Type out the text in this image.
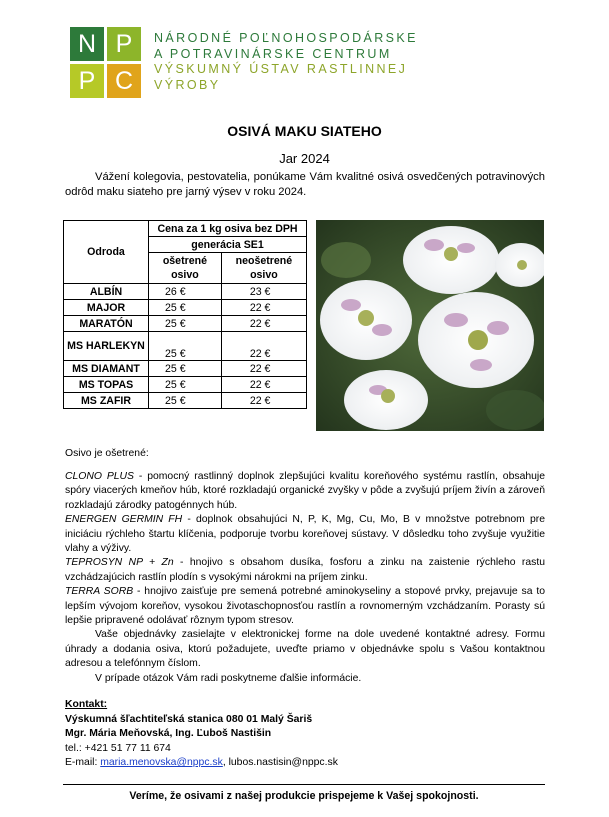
N P
P C
NÁRODNÉ POĽNOHOSPODÁRSKE
A POTRAVINÁRSKE CENTRUM
VÝSKUMNÝ ÚSTAV RASTLINNEJ
VÝROBY
OSIVÁ MAKU SIATEHO
Jar 2024
Vážení kolegovia, pestovatelia, ponúkame Vám kvalitné osivá osvedčených potravinových odrôd maku siateho pre jarný výsev v roku 2024.
Odroda	Cena za 1 kg osiva bez DPH	
	generácia SE1	
	ošetrené osivo	neošetrené osivo
ALBÍN	26 €	23 €
MAJOR	25 €	22 €
MARATÓN	25 €	22 €
MS HARLEKYN	25 €	22 €
MS DIAMANT	25 €	22 €
MS TOPAS	25 €	22 €
MS ZAFIR	25 €	22 €

Osivo je ošetrené:

CLONO PLUS - pomocný rastlinný doplnok zlepšujúci kvalitu koreňového systému rastlín, obsahuje spóry viacerých kmeňov húb, ktoré rozkladajú organické zvyšky v pôde a zvyšujú príjem živín a zároveň rozkladajú zárodky patogénnych húb.

ENERGEN GERMIN FH - doplnok obsahujúci N, P, K, Mg, Cu, Mo, B v množstve potrebnom pre iniciáciu rýchleho štartu klíčenia, podporuje tvorbu koreňovej sústavy. V dôsledku toho zvyšuje využitie vlahy a výživy.

TEPROSYN NP + Zn - hnojivo s obsahom dusíka, fosforu a zinku na zaistenie rýchleho rastu vzchádzajúcich rastlín plodín s vysokými nárokmi na príjem zinku.

TERRA SORB - hnojivo zaisťuje pre semená potrebné aminokyseliny a stopové prvky, prejavuje sa to lepším vývojom koreňov, vysokou životaschopnosťou rastlín a rovnomerným vzchádzaním. Porasty sú lepšie pripravené odolávať rôznym typom stresov.

Vaše objednávky zasielajte v elektronickej forme na dole uvedené kontaktné adresy. Formu úhrady a dodania osiva, ktorú požadujete, uveďte priamo v objednávke spolu s Vašou kontaktnou adresou a telefónnym číslom.

V prípade otázok Vám radi poskytneme ďalšie informácie.

Kontakt:
Výskumná šľachtiteľská stanica 080 01 Malý Šariš
Mgr. Mária Meňovská, Ing. Ľuboš Nastišin
tel.: +421 51 77 11 674
E-mail: maria.menovska@nppc.sk, lubos.nastisin@nppc.sk
Veríme, že osivami z našej produkcie prispejeme k Vašej spokojnosti.
